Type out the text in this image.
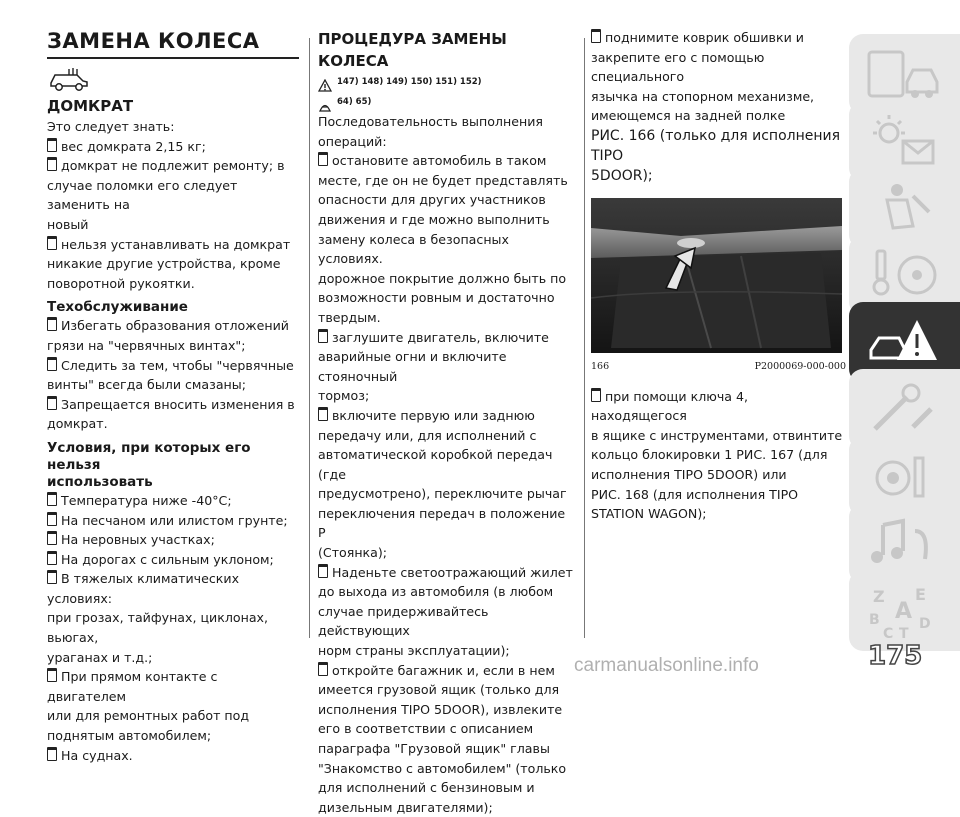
ЗАМЕНА КОЛЕСА
ДОМКРАТ

Это следует знать:

вес домкрата 2,15 кг;

домкрат не подлежит ремонту; в

случае поломки его следует заменить на

новый

нельзя устанавливать на домкрат

никакие другие устройства, кроме

поворотной рукоятки.

Техобслуживание

Избегать образования отложений

грязи на "червячных винтах";

Следить за тем, чтобы "червячные

винты" всегда были смазаны;

Запрещается вносить изменения в

домкрат.

Условия, при которых его нельзя
использовать

Температура ниже -40°С;

На песчаном или илистом грунте;

На неровных участках;

На дорогах с сильным уклоном;

В тяжелых климатических условиях:

при грозах, тайфунах, циклонах, вьюгах,

ураганах и т.д.;

При прямом контакте с двигателем

или для ремонтных работ под

поднятым автомобилем;

На суднах.

ПРОЦЕДУРА ЗАМЕНЫ КОЛЕСА
147) 148) 149) 150) 151) 152)
64) 65)

Последовательность выполнения

операций:

остановите автомобиль в таком

месте, где он не будет представлять

опасности для других участников

движения и где можно выполнить

замену колеса в безопасных условиях.

дорожное покрытие должно быть по

возможности ровным и достаточно

твердым.

заглушите двигатель, включите

аварийные огни и включите стояночный

тормоз;

включите первую или заднюю

передачу или, для исполнений с

автоматической коробкой передач (где

предусмотрено), переключите рычаг

переключения передач в положение P

(Стоянка);

Наденьте светоотражающий жилет

до выхода из автомобиля (в любом

случае придерживайтесь действующих

норм страны эксплуатации);

откройте багажник и, если в нем

имеется грузовой ящик (только для

исполнения TIPO 5DOOR), извлеките

его в соответствии с описанием

параграфа "Грузовой ящик" главы

"Знакомство с автомобилем" (только

для исполнений с бензиновым и

дизельным двигателями);

поднимите коврик обшивки и

закрепите его с помощью специального

язычка на стопорном механизме,

имеющемся на задней полке

РИС. 166 (только для исполнения TIPO

5DOOR);

166	P2000069-000-000

при помощи ключа 4, находящегося

в ящике с инструментами, отвинтите

кольцо блокировки 1 РИС. 167 (для

исполнения TIPO 5DOOR) или

РИС. 168 (для исполнения TIPO

STATION WAGON);

Z E
A
B	D
C T
175
carmanualsonline.info
